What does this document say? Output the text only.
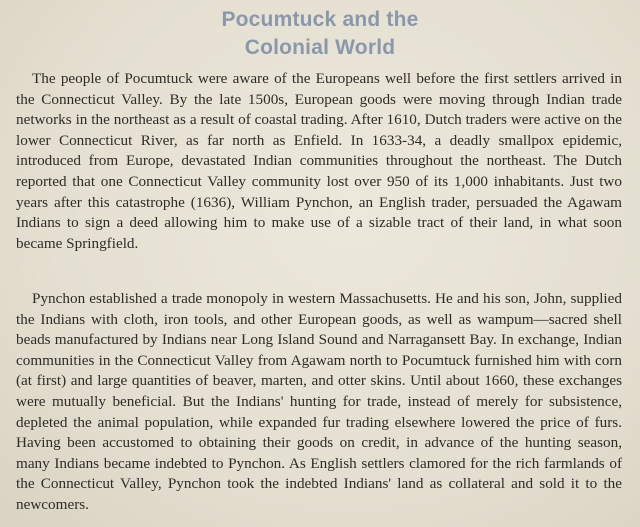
Pocumtuck and the
Colonial World

The people of Pocumtuck were aware of the Europeans well before the first settlers arrived in the Connecticut Valley. By the late 1500s, European goods were moving through Indian trade networks in the northeast as a result of coastal trading. After 1610, Dutch traders were active on the lower Connecticut River, as far north as Enfield. In 1633-34, a deadly smallpox epidemic, introduced from Europe, devastated Indian communities throughout the northeast. The Dutch reported that one Connecticut Valley community lost over 950 of its 1,000 inhabitants. Just two years after this catastrophe (1636), William Pynchon, an English trader, persuaded the Agawam Indians to sign a deed allowing him to make use of a sizable tract of their land, in what soon became Springfield.

Pynchon established a trade monopoly in western Massachusetts. He and his son, John, supplied the Indians with cloth, iron tools, and other European goods, as well as wampum—sacred shell beads manufactured by Indians near Long Island Sound and Narragansett Bay. In exchange, Indian communities in the Connecticut Valley from Agawam north to Pocumtuck furnished him with corn (at first) and large quantities of beaver, marten, and otter skins. Until about 1660, these exchanges were mutually beneficial. But the Indians' hunting for trade, instead of merely for subsistence, depleted the animal population, while expanded fur trading elsewhere lowered the price of furs. Having been accustomed to obtaining their goods on credit, in advance of the hunting season, many Indians became indebted to Pynchon. As English settlers clamored for the rich farmlands of the Connecticut Valley, Pynchon took the indebted Indians' land as collateral and sold it to the newcomers.
